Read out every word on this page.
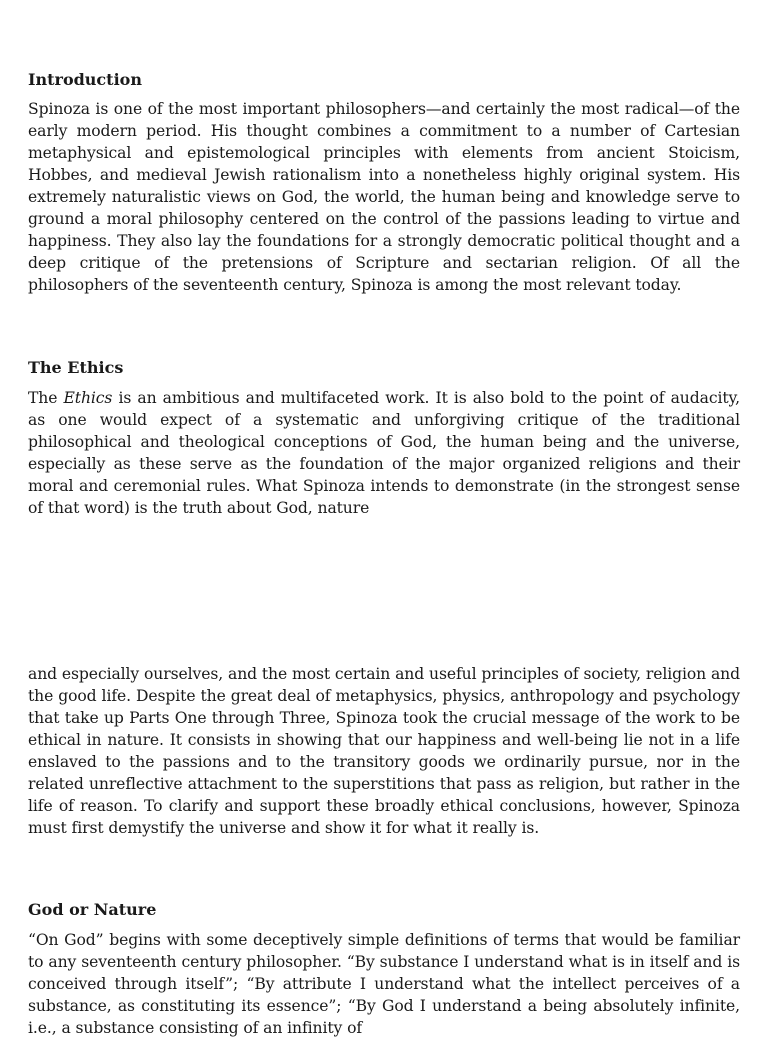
Introduction

Spinoza is one of the most important philosophers—and certainly the most radical—of the early modern period. His thought combines a commitment to a number of Cartesian metaphysical and epistemological principles with elements from ancient Stoicism, Hobbes, and medieval Jewish rationalism into a nonetheless highly original system. His extremely naturalistic views on God, the world, the human being and knowledge serve to ground a moral philosophy centered on the control of the passions leading to virtue and happiness. They also lay the foundations for a strongly democratic political thought and a deep critique of the pretensions of Scripture and sectarian religion. Of all the philosophers of the seventeenth century, Spinoza is among the most relevant today.

The Ethics

The Ethics is an ambitious and multifaceted work. It is also bold to the point of audacity, as one would expect of a systematic and unforgiving critique of the traditional philosophical and theological conceptions of God, the human being and the universe, especially as these serve as the foundation of the major organized religions and their moral and ceremonial rules. What Spinoza intends to demonstrate (in the strongest sense of that word) is the truth about God, nature

and especially ourselves, and the most certain and useful principles of society, religion and the good life. Despite the great deal of metaphysics, physics, anthropology and psychology that take up Parts One through Three, Spinoza took the crucial message of the work to be ethical in nature. It consists in showing that our happiness and well-being lie not in a life enslaved to the passions and to the transitory goods we ordinarily pursue, nor in the related unreflective attachment to the superstitions that pass as religion, but rather in the life of reason. To clarify and support these broadly ethical conclusions, however, Spinoza must first demystify the universe and show it for what it really is.

God or Nature

“On God” begins with some deceptively simple definitions of terms that would be familiar to any seventeenth century philosopher. “By substance I understand what is in itself and is conceived through itself”; “By attribute I understand what the intellect perceives of a substance, as constituting its essence”; “By God I understand a being absolutely infinite, i.e., a substance consisting of an infinity of
